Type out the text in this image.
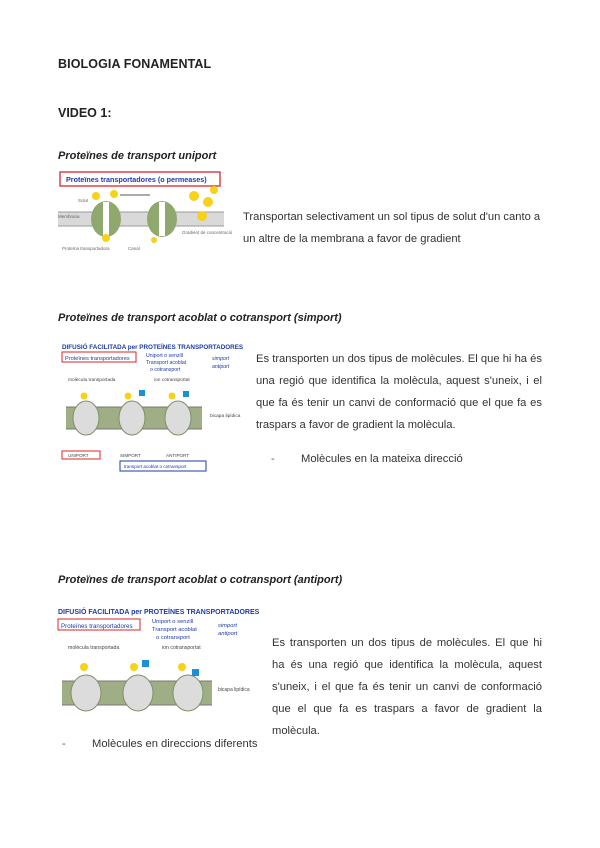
BIOLOGIA FONAMENTAL
VIDEO 1:
Proteïnes de transport uniport
Proteïnes transportadores (o permeases)
Membrana
Proteïna transportadora	Canal
Gradient de concentració
Solut
Transportan selectivament un sol tipus de solut d'un canto a un altre de la membrana a favor de gradient
Proteïnes de transport acoblat o cotransport (simport)
DIFUSIÓ FACILITADA per PROTEÏNES TRANSPORTADORES
Proteïnes transportadores	Uniport o senzill
Transport acoblat
o cotransport
simport
antiport
molècula transportada	ion cotransportat
bicapa lipídica
UNIPORT	SIMPORT	ANTIPORT
transport acoblat o cotransport
Es transporten un dos tipus de molècules. El que hi ha és una regió que identifica la molècula, aquest s'uneix, i el que fa és tenir un canvi de conformació que el que fa es traspars a favor de gradient la molècula.
- Molècules en la mateixa direcció
Proteïnes de transport acoblat o cotransport (antiport)
DIFUSIÓ FACILITADA per PROTEÏNES TRANSPORTADORES
Proteïnes transportadores
Uniport o senzill
Transport acoblat
o cotransport
simport
antiport
molècula transportada	ion cotransportat
bicapa lipídica
Es transporten un dos tipus de molècules. El que hi ha és una regió que identifica la molècula, aquest s'uneix, i el que fa és tenir un canvi de conformació que el que fa es traspars a favor de gradient la molècula.
- Molècules en direccions diferents
